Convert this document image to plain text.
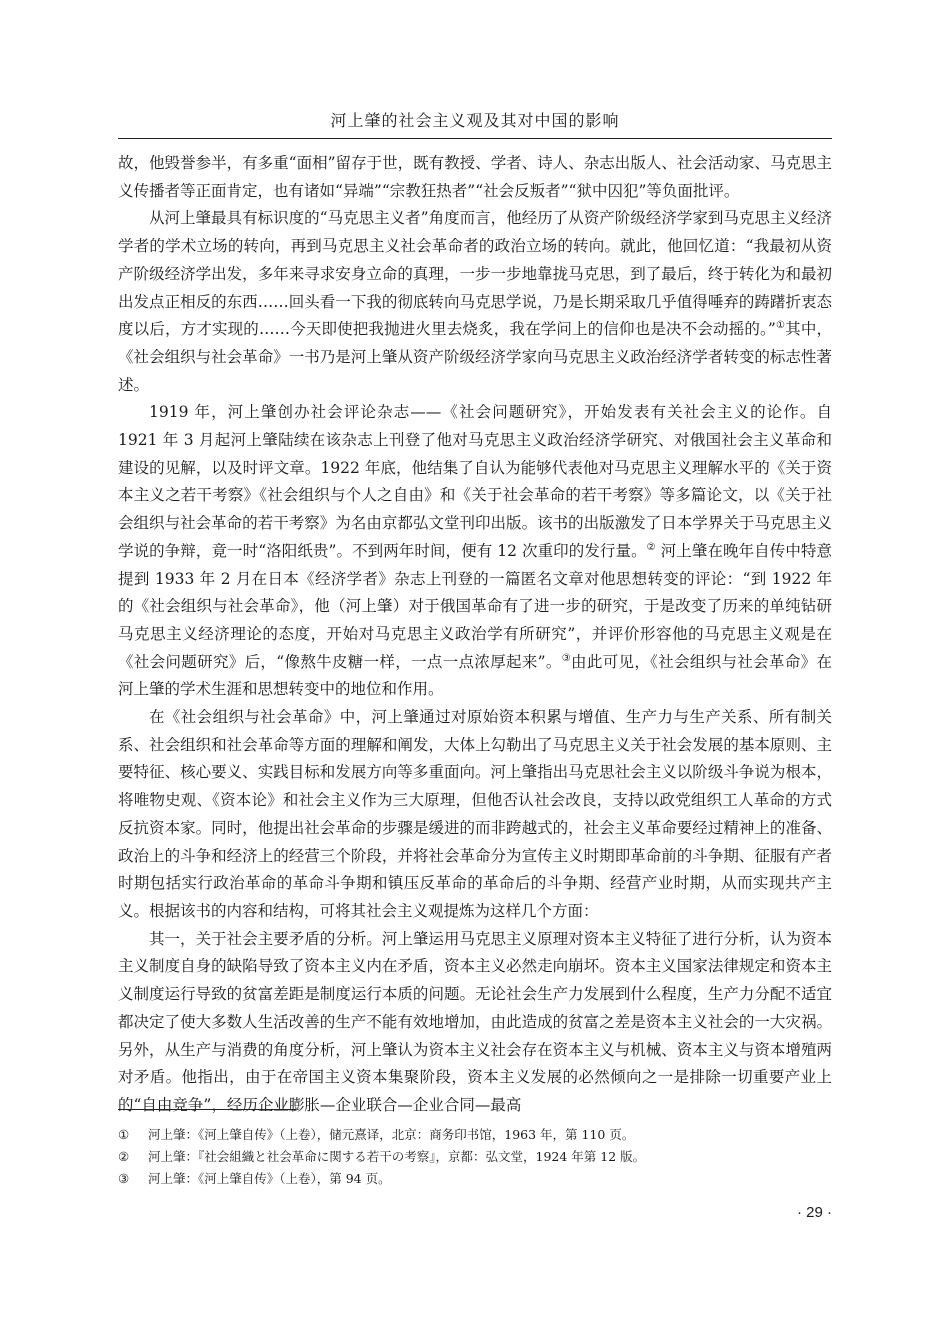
河上肇的社会主义观及其对中国的影响

故，他毁誉参半，有多重“面相”留存于世，既有教授、学者、诗人、杂志出版人、社会活动家、马克思主义传播者等正面肯定，也有诸如“异端”“宗教狂热者”“社会反叛者”“狱中囚犯”等负面批评。

从河上肇最具有标识度的“马克思主义者”角度而言，他经历了从资产阶级经济学家到马克思主义经济学者的学术立场的转向，再到马克思主义社会革命者的政治立场的转向。就此，他回忆道：“我最初从资产阶级经济学出发，多年来寻求安身立命的真理，一步一步地靠拢马克思，到了最后，终于转化为和最初出发点正相反的东西……回头看一下我的彻底转向马克思学说，乃是长期采取几乎值得唾弃的踌躇折衷态度以后，方才实现的……今天即使把我抛进火里去烧炙，我在学问上的信仰也是决不会动摇的。”①其中，《社会组织与社会革命》一书乃是河上肇从资产阶级经济学家向马克思主义政治经济学者转变的标志性著述。

1919 年，河上肇创办社会评论杂志——《社会问题研究》，开始发表有关社会主义的论作。自 1921 年 3 月起河上肇陆续在该杂志上刊登了他对马克思主义政治经济学研究、对俄国社会主义革命和建设的见解，以及时评文章。1922 年底，他结集了自认为能够代表他对马克思主义理解水平的《关于资本主义之若干考察》《社会组织与个人之自由》和《关于社会革命的若干考察》等多篇论文，以《关于社会组织与社会革命的若干考察》为名由京都弘文堂刊印出版。该书的出版激发了日本学界关于马克思主义学说的争辩，竟一时“洛阳纸贵”。不到两年时间，便有 12 次重印的发行量。② 河上肇在晚年自传中特意提到 1933 年 2 月在日本《经济学者》杂志上刊登的一篇匿名文章对他思想转变的评论：“到 1922 年的《社会组织与社会革命》，他（河上肇）对于俄国革命有了进一步的研究，于是改变了历来的单纯钻研马克思主义经济理论的态度，开始对马克思主义政治学有所研究”，并评价形容他的马克思主义观是在《社会问题研究》后，“像熬牛皮糖一样，一点一点浓厚起来”。③由此可见，《社会组织与社会革命》在河上肇的学术生涯和思想转变中的地位和作用。

在《社会组织与社会革命》中，河上肇通过对原始资本积累与增值、生产力与生产关系、所有制关系、社会组织和社会革命等方面的理解和阐发，大体上勾勒出了马克思主义关于社会发展的基本原则、主要特征、核心要义、实践目标和发展方向等多重面向。河上肇指出马克思社会主义以阶级斗争说为根本，将唯物史观、《资本论》和社会主义作为三大原理，但他否认社会改良，支持以政党组织工人革命的方式反抗资本家。同时，他提出社会革命的步骤是缓进的而非跨越式的，社会主义革命要经过精神上的准备、政治上的斗争和经济上的经营三个阶段，并将社会革命分为宣传主义时期即革命前的斗争期、征服有产者时期包括实行政治革命的革命斗争期和镇压反革命的革命后的斗争期、经营产业时期，从而实现共产主义。根据该书的内容和结构，可将其社会主义观提炼为这样几个方面：

其一，关于社会主要矛盾的分析。河上肇运用马克思主义原理对资本主义特征了进行分析，认为资本主义制度自身的缺陷导致了资本主义内在矛盾，资本主义必然走向崩坏。资本主义国家法律规定和资本主义制度运行导致的贫富差距是制度运行本质的问题。无论社会生产力发展到什么程度，生产力分配不适宜都决定了使大多数人生活改善的生产不能有效地增加，由此造成的贫富之差是资本主义社会的一大灾祸。另外，从生产与消费的角度分析，河上肇认为资本主义社会存在资本主义与机械、资本主义与资本增殖两对矛盾。他指出，由于在帝国主义资本集聚阶段，资本主义发展的必然倾向之一是排除一切重要产业上的“自由竞争”，经历企业膨胀—企业联合—企业合同—最高

①	河上肇：《河上肇自传》（上卷），储元熹译，北京：商务印书馆，1963 年，第 110 页。
②	河上肇：『社会組織と社会革命に関する若干の考察』，京都：弘文堂，1924 年第 12 版。
③	河上肇：《河上肇自传》（上卷），第 94 页。
· 29 ·
